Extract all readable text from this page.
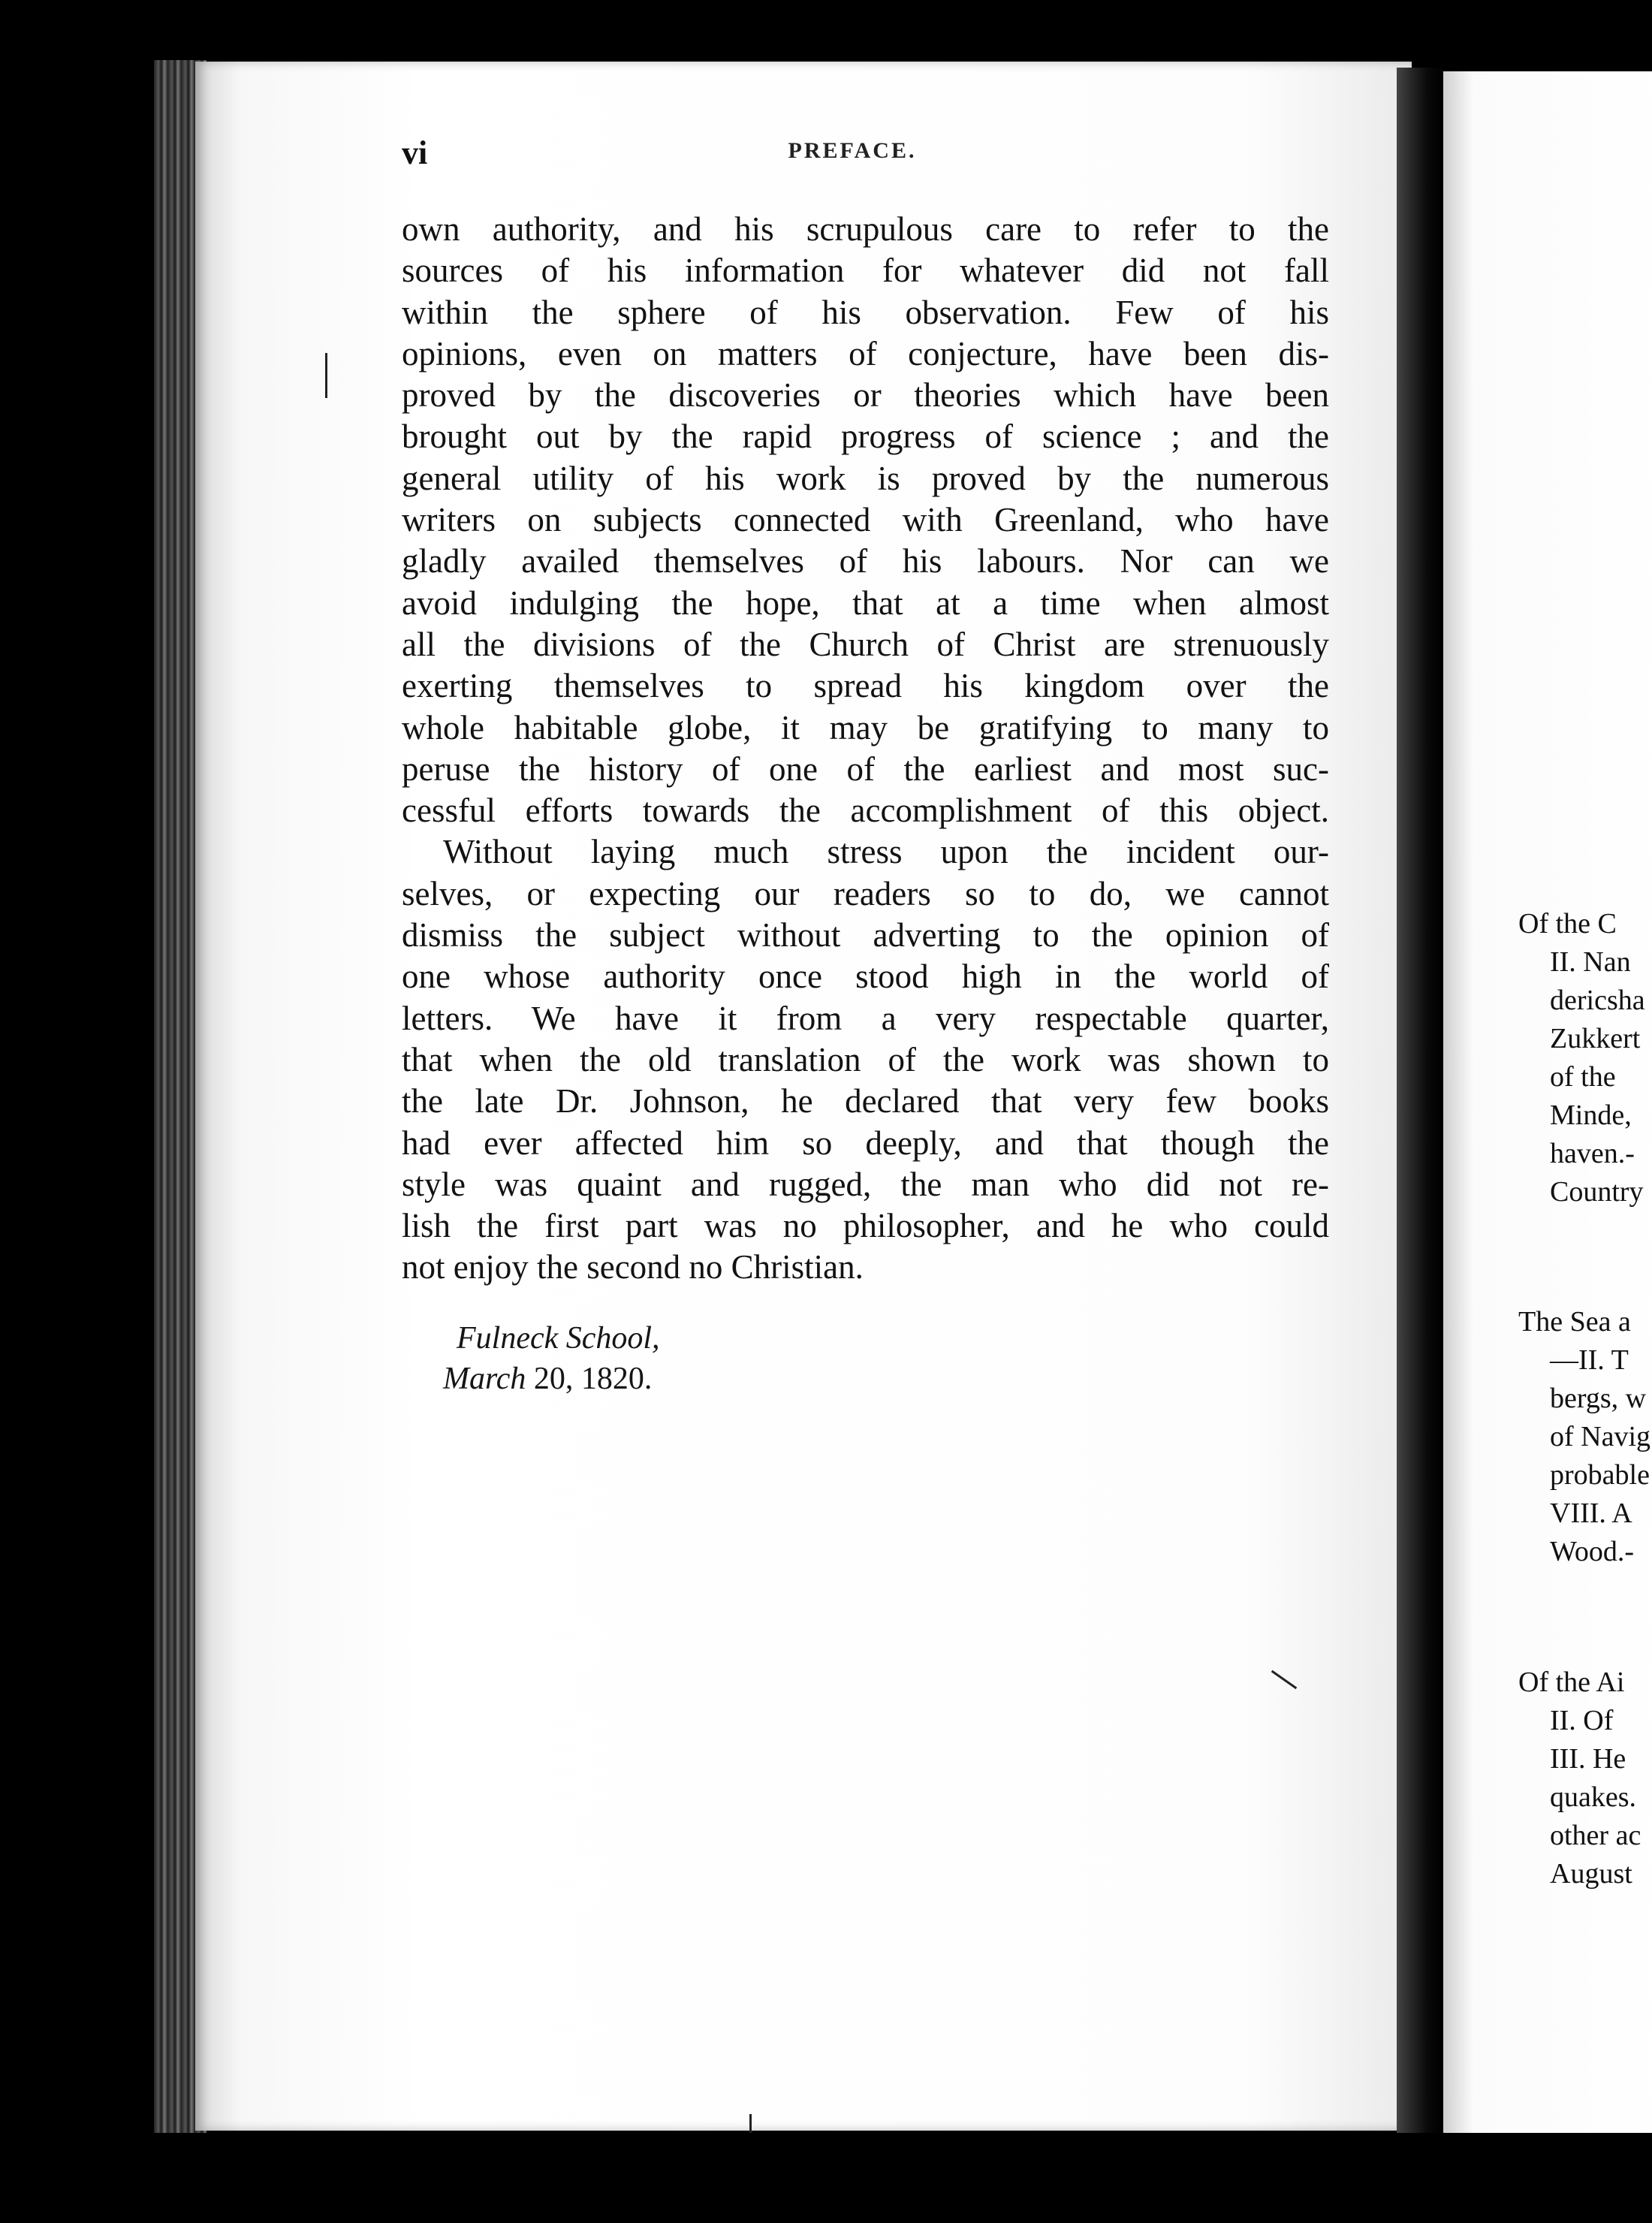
vi	PREFACE.
own authority, and his scrupulous care to refer to the
sources of his information for whatever did not fall
within the sphere of his observation. Few of his
opinions, even on matters of conjecture, have been dis-
proved by the discoveries or theories which have been
brought out by the rapid progress of science ; and the
general utility of his work is proved by the numerous
writers on subjects connected with Greenland, who have
gladly availed themselves of his labours. Nor can we
avoid indulging the hope, that at a time when almost
all the divisions of the Church of Christ are strenuously
exerting themselves to spread his kingdom over the
whole habitable globe, it may be gratifying to many to
peruse the history of one of the earliest and most suc-
cessful efforts towards the accomplishment of this object.
Without laying much stress upon the incident our-
selves, or expecting our readers so to do, we cannot
dismiss the subject without adverting to the opinion of
one whose authority once stood high in the world of
letters. We have it from a very respectable quarter,
that when the old translation of the work was shown to
the late Dr. Johnson, he declared that very few books
had ever affected him so deeply, and that though the
style was quaint and rugged, the man who did not re-
lish the first part was no philosopher, and he who could
not enjoy the second no Christian.
Fulneck School,
March 20, 1820.
Of the C
II. Nan
dericsha
Zukkert
of the
Minde,
haven.-
Country
The Sea a
—II. T
bergs, w
of Navig
probable
VIII. A
Wood.-
Of the Ai
II. Of
III. He
quakes.
other ac
August
